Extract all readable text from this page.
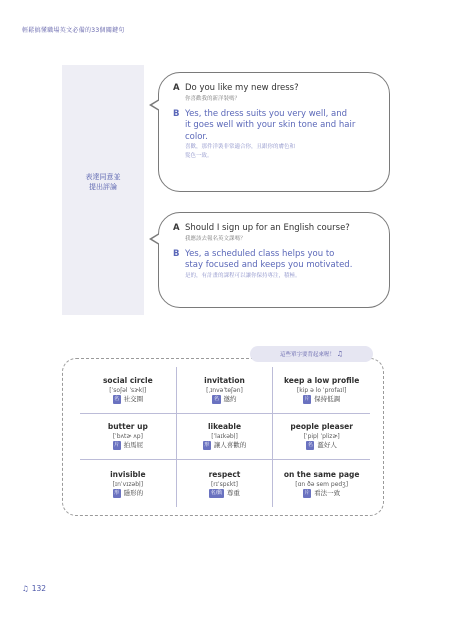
輕鬆搞懂職場英文必備的33個關鍵句
表達同意並
提出評論
A Do you like my new dress?
你喜歡我的新洋裝嗎？
B Yes, the dress suits you very well, and
it goes well with your skin tone and hair
color.
喜歡，那件洋裝非常適合你，且跟你的膚色和
髮色一致。
A Should I sign up for an English course?
我應該去報名英文課嗎？
B Yes, a scheduled class helps you to
stay focused and keeps you motivated.
是的，有計畫的課程可以讓你保持專注，積極。
這些單字要背起來喔！ ♫
social circle
[ˈsoʃəl ˈsɝkḷ]
名 社交圈
invitation
[ˌɪnvəˈteʃən]
名 邀約
keep a low profile
[kip ə lo ˈprofaɪl]
片 保持低調
butter up
[ˈbʌtɚ ʌp]
片 拍馬屁
likeable
[ˈlaɪkəbḷ]
形 讓人喜歡的
people pleaser
[ˈpipḷ ˈplizɚ]
名 濫好人
invisible
[ɪnˈvɪzəbḷ]
形 隱形的
respect
[rɪˈspɛkt]
名/動 尊重
on the same page
[ɑn ðə sem pedʒ]
片 看法一致
♫ 132
